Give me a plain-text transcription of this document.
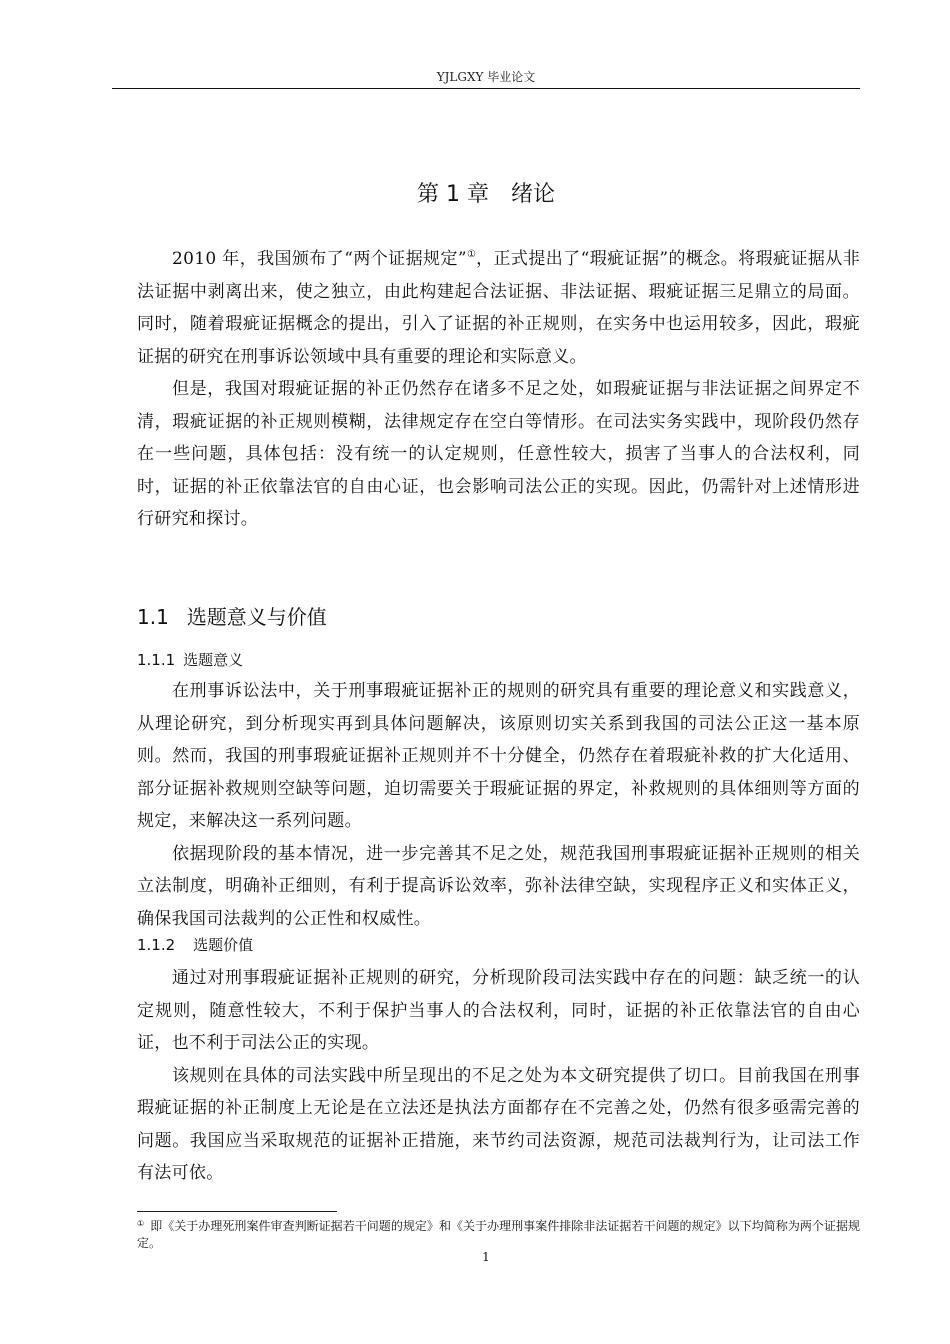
YJLGXY 毕业论文
第 1 章 绪论

2010 年，我国颁布了“两个证据规定”①，正式提出了“瑕疵证据”的概念。将瑕疵证据从非法证据中剥离出来，使之独立，由此构建起合法证据、非法证据、瑕疵证据三足鼎立的局面。同时，随着瑕疵证据概念的提出，引入了证据的补正规则，在实务中也运用较多，因此，瑕疵证据的研究在刑事诉讼领域中具有重要的理论和实际意义。

但是，我国对瑕疵证据的补正仍然存在诸多不足之处，如瑕疵证据与非法证据之间界定不清，瑕疵证据的补正规则模糊，法律规定存在空白等情形。在司法实务实践中，现阶段仍然存在一些问题，具体包括：没有统一的认定规则，任意性较大，损害了当事人的合法权利，同时，证据的补正依靠法官的自由心证，也会影响司法公正的实现。因此，仍需针对上述情形进行研究和探讨。

1.1 选题意义与价值
1.1.1 选题意义

在刑事诉讼法中，关于刑事瑕疵证据补正的规则的研究具有重要的理论意义和实践意义，从理论研究，到分析现实再到具体问题解决，该原则切实关系到我国的司法公正这一基本原则。然而，我国的刑事瑕疵证据补正规则并不十分健全，仍然存在着瑕疵补救的扩大化适用、部分证据补救规则空缺等问题，迫切需要关于瑕疵证据的界定，补救规则的具体细则等方面的规定，来解决这一系列问题。

依据现阶段的基本情况，进一步完善其不足之处，规范我国刑事瑕疵证据补正规则的相关立法制度，明确补正细则，有利于提高诉讼效率，弥补法律空缺，实现程序正义和实体正义，确保我国司法裁判的公正性和权威性。

1.1.2 选题价值

通过对刑事瑕疵证据补正规则的研究，分析现阶段司法实践中存在的问题：缺乏统一的认定规则，随意性较大，不利于保护当事人的合法权利，同时，证据的补正依靠法官的自由心证，也不利于司法公正的实现。

该规则在具体的司法实践中所呈现出的不足之处为本文研究提供了切口。目前我国在刑事瑕疵证据的补正制度上无论是在立法还是执法方面都存在不完善之处，仍然有很多亟需完善的问题。我国应当采取规范的证据补正措施，来节约司法资源，规范司法裁判行为，让司法工作有法可依。

① 即《关于办理死刑案件审查判断证据若干问题的规定》和《关于办理刑事案件排除非法证据若干问题的规定》以下均简称为两个证据规定。
1
